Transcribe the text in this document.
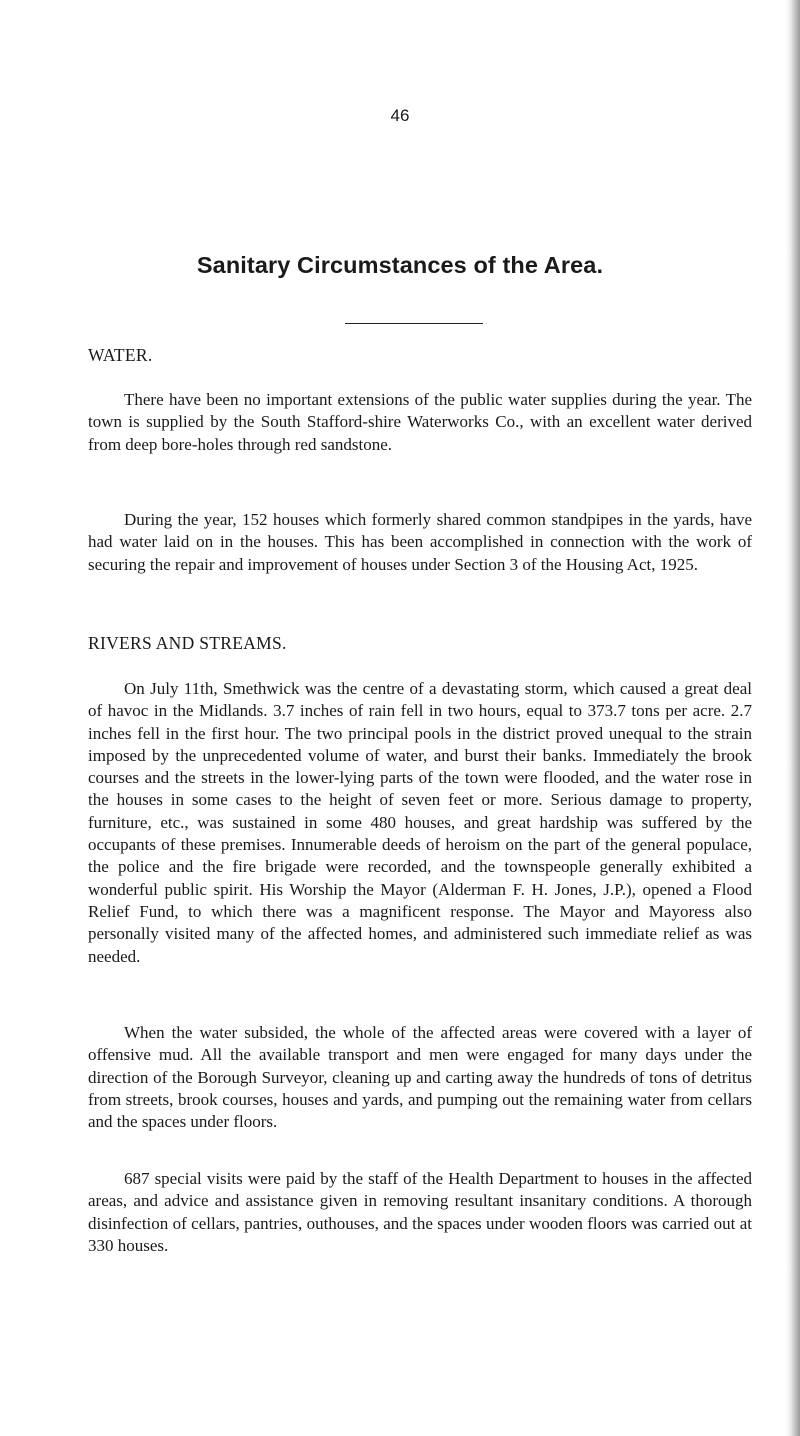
46
Sanitary Circumstances of the Area.
WATER.

There have been no important extensions of the public water supplies during the year. The town is supplied by the South Stafford-shire Waterworks Co., with an excellent water derived from deep bore-holes through red sandstone.

During the year, 152 houses which formerly shared common standpipes in the yards, have had water laid on in the houses. This has been accomplished in connection with the work of securing the repair and improvement of houses under Section 3 of the Housing Act, 1925.

RIVERS AND STREAMS.

On July 11th, Smethwick was the centre of a devastating storm, which caused a great deal of havoc in the Midlands. 3.7 inches of rain fell in two hours, equal to 373.7 tons per acre. 2.7 inches fell in the first hour. The two principal pools in the district proved unequal to the strain imposed by the unprecedented volume of water, and burst their banks. Immediately the brook courses and the streets in the lower-lying parts of the town were flooded, and the water rose in the houses in some cases to the height of seven feet or more. Serious damage to property, furniture, etc., was sustained in some 480 houses, and great hardship was suffered by the occupants of these premises. Innumerable deeds of heroism on the part of the general populace, the police and the fire brigade were recorded, and the townspeople generally exhibited a wonderful public spirit. His Worship the Mayor (Alderman F. H. Jones, J.P.), opened a Flood Relief Fund, to which there was a magnificent response. The Mayor and Mayoress also personally visited many of the affected homes, and administered such immediate relief as was needed.

When the water subsided, the whole of the affected areas were covered with a layer of offensive mud. All the available transport and men were engaged for many days under the direction of the Borough Surveyor, cleaning up and carting away the hundreds of tons of detritus from streets, brook courses, houses and yards, and pumping out the remaining water from cellars and the spaces under floors.

687 special visits were paid by the staff of the Health Department to houses in the affected areas, and advice and assistance given in removing resultant insanitary conditions. A thorough disinfection of cellars, pantries, outhouses, and the spaces under wooden floors was carried out at 330 houses.
